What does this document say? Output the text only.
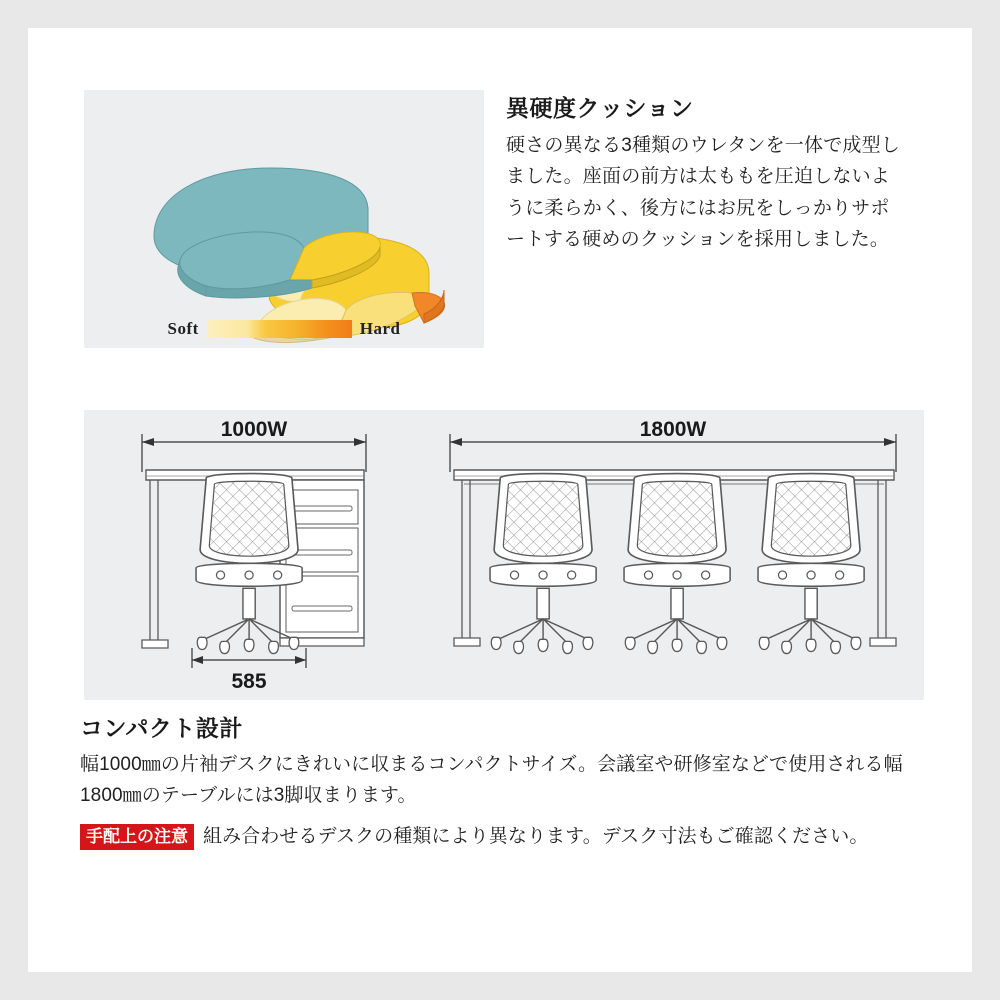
Soft	Hard
異硬度クッション
硬さの異なる3種類のウレタンを一体で成型しました。座面の前方は太ももを圧迫しないように柔らかく、後方にはお尻をしっかりサポートする硬めのクッションを採用しました。
1000W
585
1800W
コンパクト設計
幅1000㎜の片袖デスクにきれいに収まるコンパクトサイズ。会議室や研修室などで使用される幅1800㎜のテーブルには3脚収まります。
手配上の注意 組み合わせるデスクの種類により異なります。デスク寸法もご確認ください。
